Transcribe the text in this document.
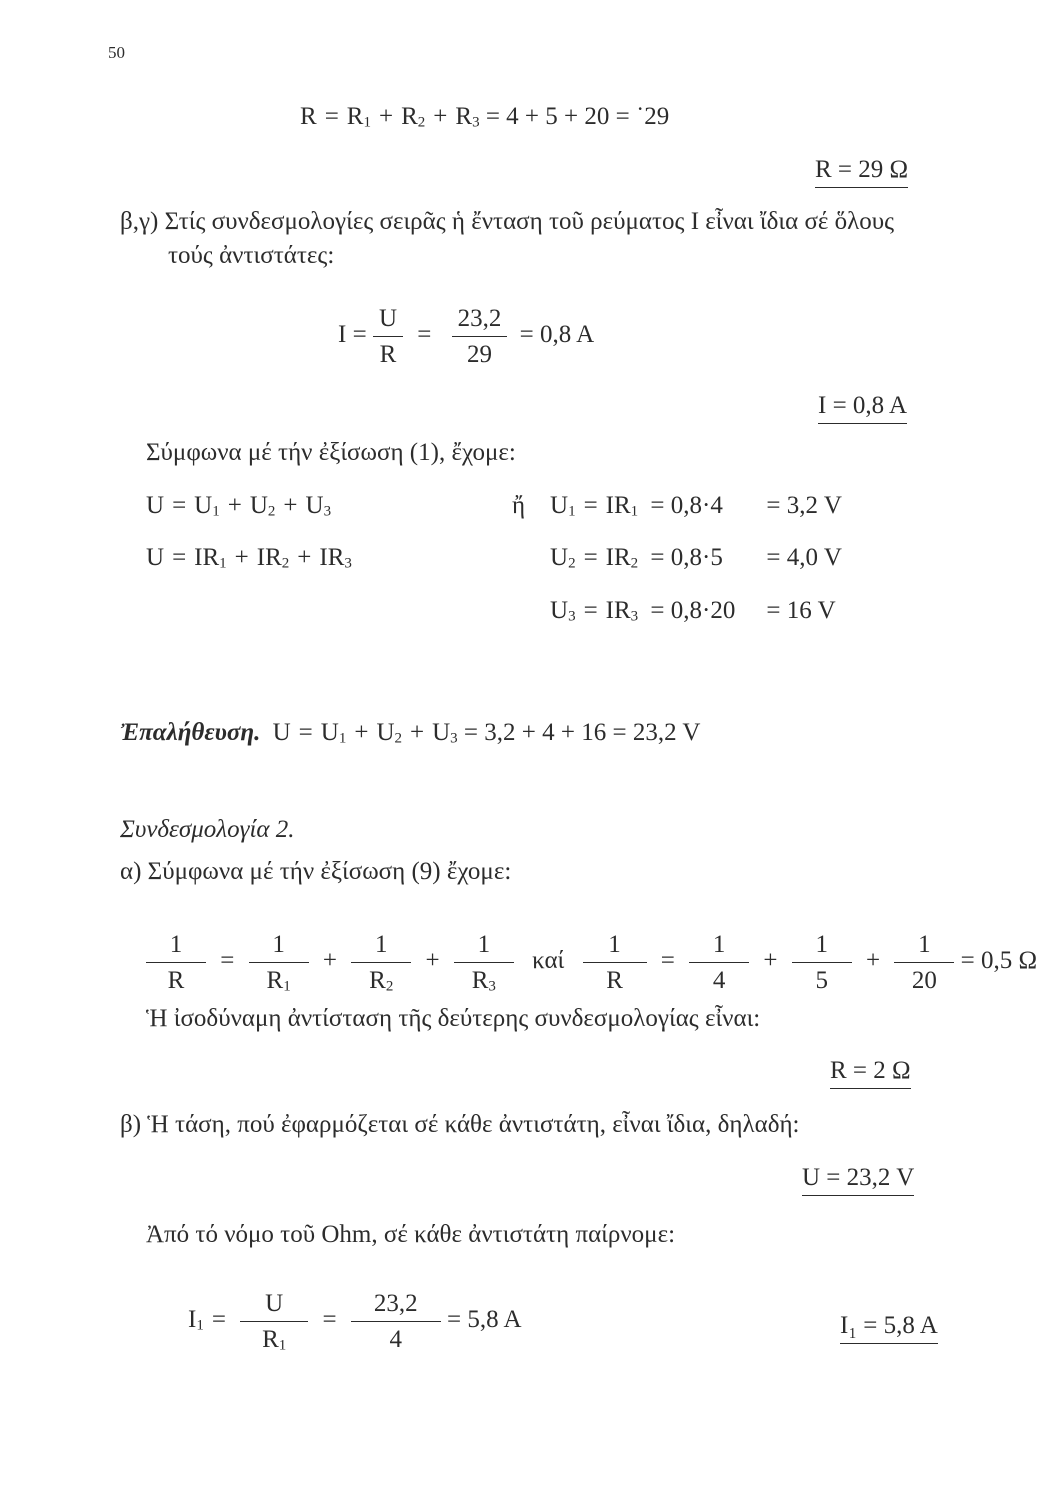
50
$R = R_1 + R_2 + R_3 = 4 + 5 + 20$ = ˙29
R = 29 Ω
β,γ) Στίς συνδεσμολογίες σειρᾶς ἡ ἔνταση τοῦ ρεύματος I εἶναι ἴδια σέ ὅλους
τούς ἀντιστάτες:
$I = \frac{U}{R} = \frac{23,2}{29} = 0,8$ A
I = 0,8 A
Σύμφωνα μέ τήν ἐξίσωση (1), ἔχομε:
$U = U_1 + U_2 + U_3$
$U = IR_1 + IR_2 + IR_3$
ἤ $U_1 = IR_1 = 0,8\cdot 4 = 3,2$ V
$U_2 = IR_2 = 0,8\cdot 5 = 4,0$ V
$U_3 = IR_3 = 0,8\cdot 20 = 16$ V
Ἐπαλήθευση. $U = U_1 + U_2 + U_3 = 3,2 + 4 + 16 = 23,2$ V
Συνδεσμολογία 2.
α) Σύμφωνα μέ τήν ἐξίσωση (9) ἔχομε:
$\frac{1}{R} = \frac{1}{R_1} + \frac{1}{R_2} + \frac{1}{R_3}$ καί $\frac{1}{R} = \frac{1}{4} + \frac{1}{5} + \frac{1}{20} = 0,5$ Ω
Ἡ ἰσοδύναμη ἀντίσταση τῆς δεύτερης συνδεσμολογίας εἶναι:
R = 2 Ω
β) Ἡ τάση, πού ἐφαρμόζεται σέ κάθε ἀντιστάτη, εἶναι ἴδια, δηλαδή:
U = 23,2 V
Ἀπό τό νόμο τοῦ Ohm, σέ κάθε ἀντιστάτη παίρνομε:
$I_1 = \frac{U}{R_1} = \frac{23,2}{4} = 5,8$ A	I₁ = 5,8 A
